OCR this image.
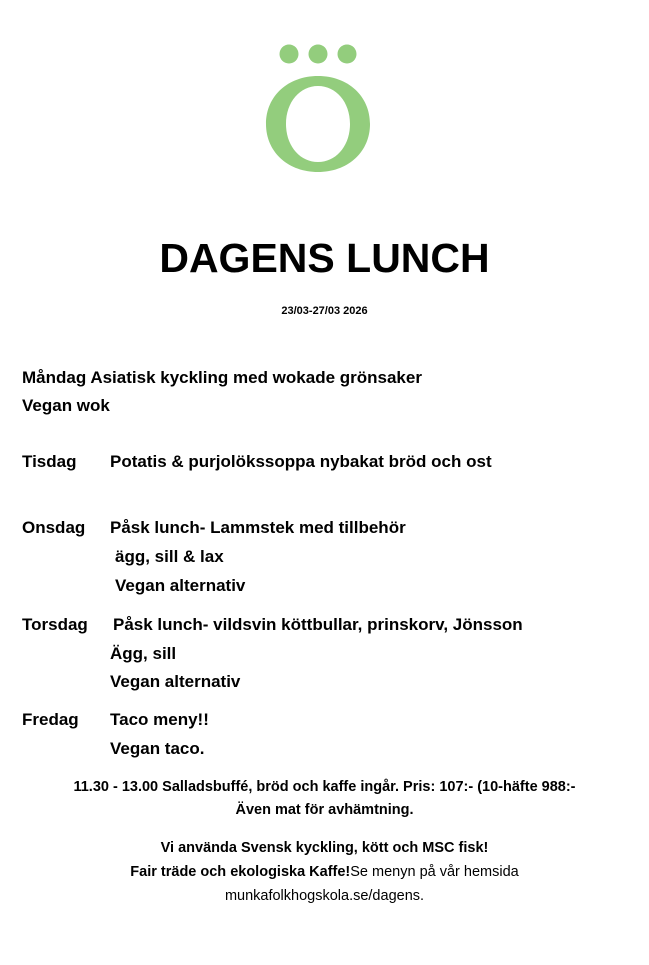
DAGENS LUNCH
23/03-27/03 2026
Måndag Asiatisk kyckling med wokade grönsaker
Vegan wok
Tisdag Potatis & purjolökssoppa nybakat bröd och ost
Onsdag Påsk lunch- Lammstek med tillbehör
ägg, sill & lax
Vegan alternativ
Torsdag Påsk lunch- vildsvin köttbullar, prinskorv, Jönsson
Ägg, sill
Vegan alternativ
Fredag Taco meny!!
Vegan taco.
11.30 - 13.00 Salladsbuffé, bröd och kaffe ingår. Pris: 107:- (10-häfte 988:-
Även mat för avhämtning.
Vi använda Svensk kyckling, kött och MSC fisk!
Fair träde och ekologiska Kaffe!Se menyn på vår hemsida
munkafolkhogskola.se/dagens.
